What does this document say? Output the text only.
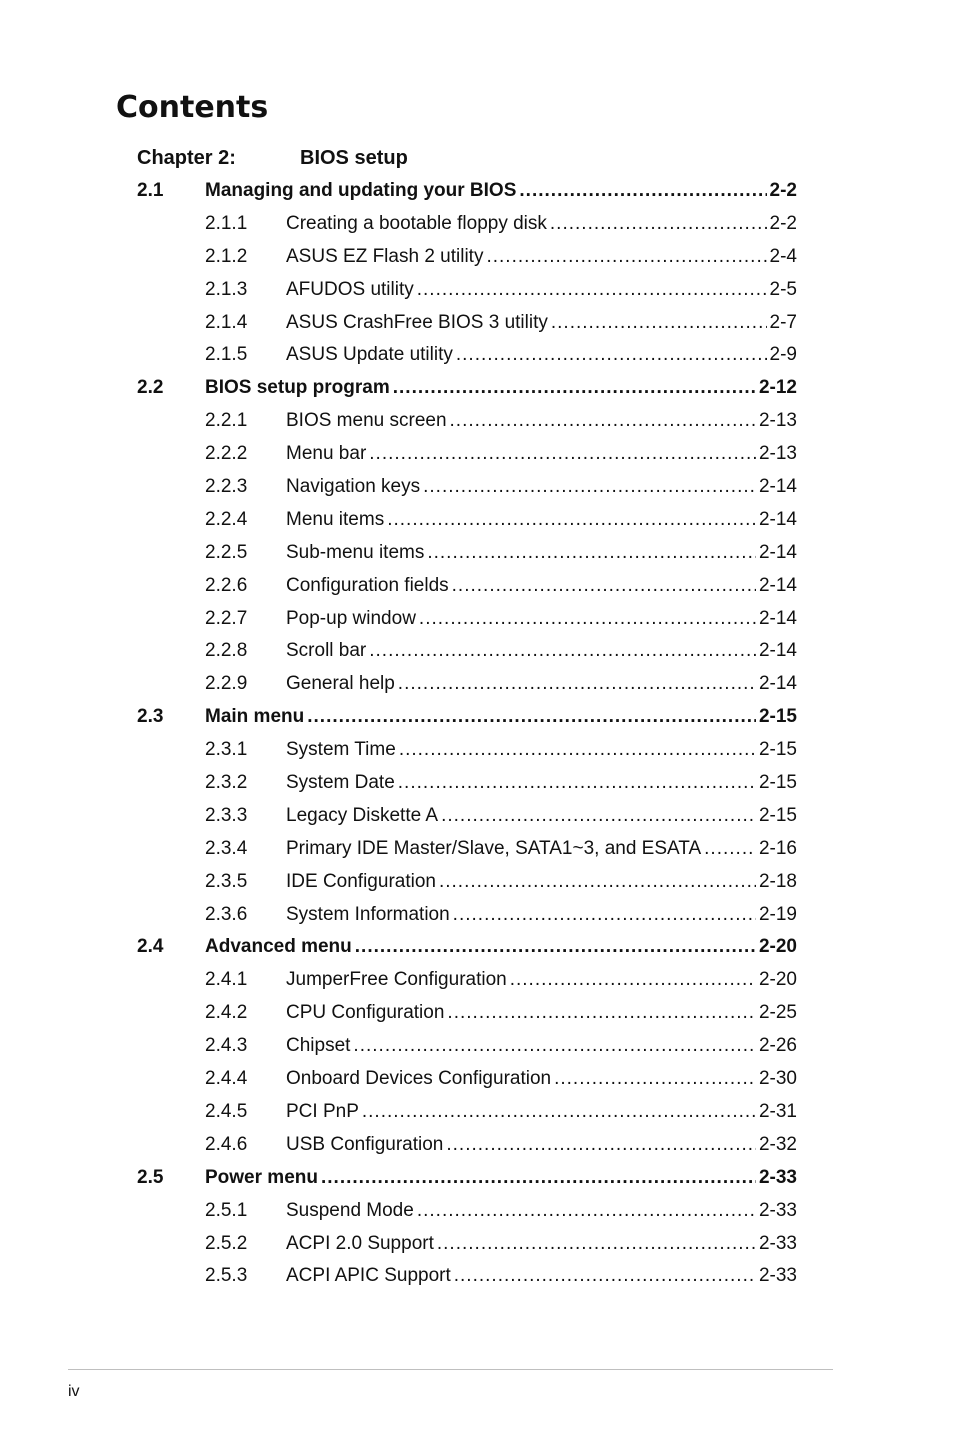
Contents
Chapter 2:	BIOS setup
2.1 Managing and updating your BIOS .....	2-2
2.1.1 Creating a bootable floppy disk .....	2-2
2.1.2 ASUS EZ Flash 2 utility .....	2-4
2.1.3 AFUDOS utility .....	2-5
2.1.4 ASUS CrashFree BIOS 3 utility .....	2-7
2.1.5 ASUS Update utility .....	2-9
2.2 BIOS setup program .....	2-12
2.2.1 BIOS menu screen .....	2-13
2.2.2 Menu bar .....	2-13
2.2.3 Navigation keys .....	2-14
2.2.4 Menu items .....	2-14
2.2.5 Sub-menu items .....	2-14
2.2.6 Configuration fields .....	2-14
2.2.7 Pop-up window .....	2-14
2.2.8 Scroll bar .....	2-14
2.2.9 General help .....	2-14
2.3 Main menu .....	2-15
2.3.1 System Time .....	2-15
2.3.2 System Date .....	2-15
2.3.3 Legacy Diskette A .....	2-15
2.3.4 Primary IDE Master/Slave, SATA1~3, and ESATA .....	2-16
2.3.5 IDE Configuration .....	2-18
2.3.6 System Information .....	2-19
2.4 Advanced menu .....	2-20
2.4.1 JumperFree Configuration .....	2-20
2.4.2 CPU Configuration .....	2-25
2.4.3 Chipset .....	2-26
2.4.4 Onboard Devices Configuration .....	2-30
2.4.5 PCI PnP .....	2-31
2.4.6 USB Configuration .....	2-32
2.5 Power menu .....	2-33
2.5.1 Suspend Mode .....	2-33
2.5.2 ACPI 2.0 Support .....	2-33
2.5.3 ACPI APIC Support .....	2-33
iv
